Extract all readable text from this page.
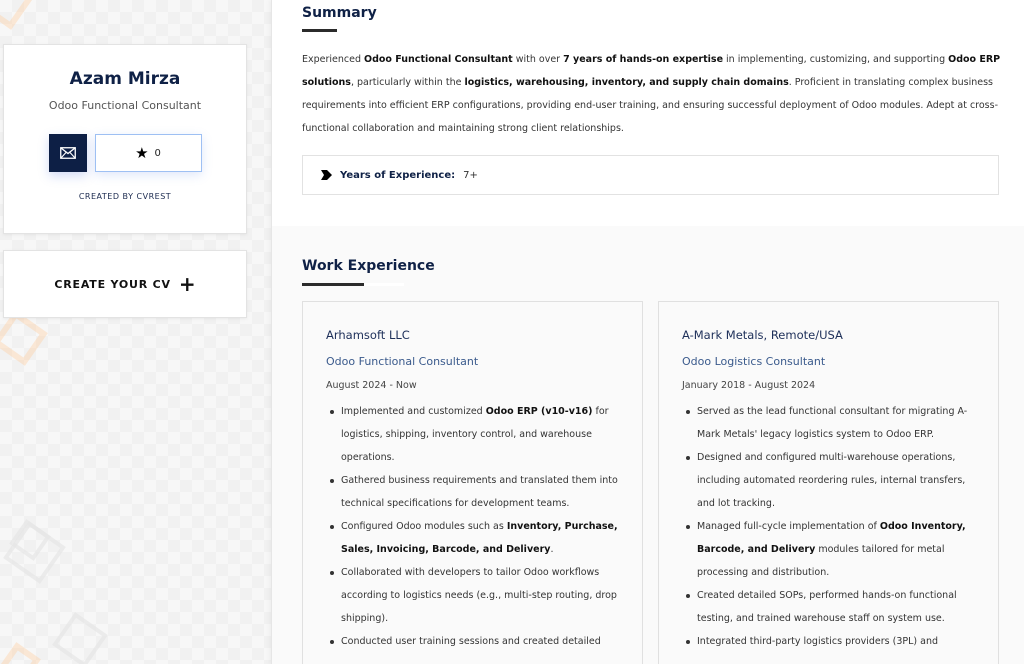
Azam Mirza
Odoo Functional Consultant
★ 0
CREATED BY CVREST
CREATE YOUR CV +
Summary

Experienced Odoo Functional Consultant with over 7 years of hands-on expertise in implementing, customizing, and supporting Odoo ERP solutions, particularly within the logistics, warehousing, inventory, and supply chain domains. Proficient in translating complex business requirements into efficient ERP configurations, providing end-user training, and ensuring successful deployment of Odoo modules. Adept at cross-functional collaboration and maintaining strong client relationships.

Years of Experience: 7+
Work Experience
Arhamsoft LLC
Odoo Functional Consultant
August 2024 - Now
Implemented and customized Odoo ERP (v10-v16) for logistics, shipping, inventory control, and warehouse operations.
Gathered business requirements and translated them into technical specifications for development teams.
Configured Odoo modules such as Inventory, Purchase, Sales, Invoicing, Barcode, and Delivery.
Collaborated with developers to tailor Odoo workflows according to logistics needs (e.g., multi-step routing, drop shipping).
Conducted user training sessions and created detailed
A-Mark Metals, Remote/USA
Odoo Logistics Consultant
January 2018 - August 2024
Served as the lead functional consultant for migrating A-Mark Metals' legacy logistics system to Odoo ERP.
Designed and configured multi-warehouse operations, including automated reordering rules, internal transfers, and lot tracking.
Managed full-cycle implementation of Odoo Inventory, Barcode, and Delivery modules tailored for metal processing and distribution.
Created detailed SOPs, performed hands-on functional testing, and trained warehouse staff on system use.
Integrated third-party logistics providers (3PL) and
